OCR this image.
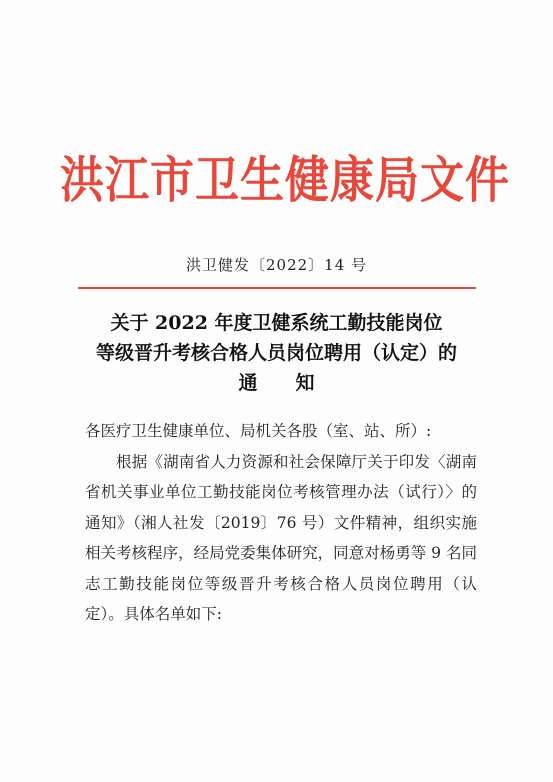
洪江市卫生健康局文件
洪卫健发〔2022〕14 号
关于 2022 年度卫健系统工勤技能岗位
等级晋升考核合格人员岗位聘用（认定）的
通知

各医疗卫生健康单位、局机关各股（室、站、所）:

根据《湖南省人力资源和社会保障厅关于印发〈湖南省机关事业单位工勤技能岗位考核管理办法（试行）〉的通知》（湘人社发〔2019〕76 号）文件精神，组织实施相关考核程序，经局党委集体研究，同意对杨勇等 9 名同志工勤技能岗位等级晋升考核合格人员岗位聘用（认定）。具体名单如下:
